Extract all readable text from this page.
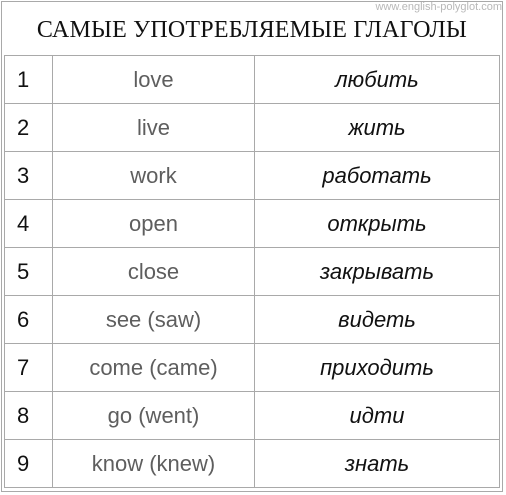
www.english-polyglot.com
САМЫЕ УПОТРЕБЛЯЕМЫЕ ГЛАГОЛЫ
1	love	любить
2	live	жить
3	work	работать
4	open	открыть
5	close	закрывать
6	see (saw)	видеть
7	come (came)	приходить
8	go (went)	идти
9	know (knew)	знать
